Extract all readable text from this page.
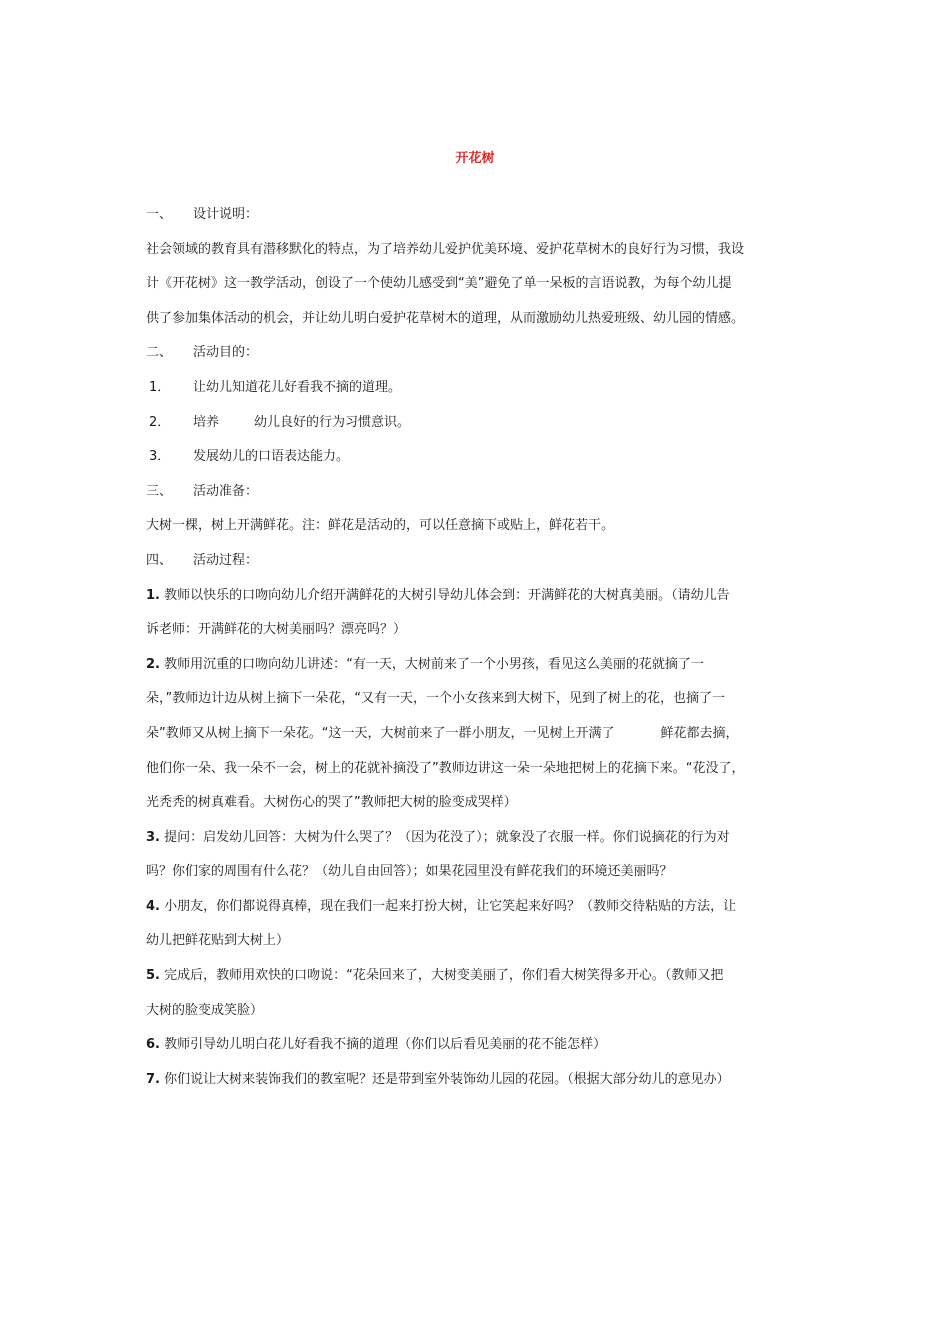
开花树
一、 设计说明：
社会领域的教育具有潜移默化的特点，为了培养幼儿爱护优美环境、爱护花草树木的良好行为习惯，我设
计《开花树》这一教学活动，创设了一个使幼儿感受到“美”避免了单一呆板的言语说教，为每个幼儿提
供了参加集体活动的机会，并让幼儿明白爱护花草树木的道理，从而激励幼儿热爱班级、幼儿园的情感。
二、 活动目的：
1． 让幼儿知道花儿好看我不摘的道理。
2． 培养	幼儿良好的行为习惯意识。
3． 发展幼儿的口语表达能力。
三、 活动准备：
大树一棵，树上开满鲜花。注：鲜花是活动的，可以任意摘下或贴上，鲜花若干。
四、 活动过程：
1. 教师以快乐的口吻向幼儿介绍开满鲜花的大树引导幼儿体会到：开满鲜花的大树真美丽。（请幼儿告
诉老师：开满鲜花的大树美丽吗？漂亮吗？）
2. 教师用沉重的口吻向幼儿讲述：“有一天，大树前来了一个小男孩，看见这么美丽的花就摘了一
朵，”教师边计边从树上摘下一朵花，“又有一天，一个小女孩来到大树下，见到了树上的花，也摘了一
朵”教师又从树上摘下一朵花。“这一天，大树前来了一群小朋友，一见树上开满了	鲜花都去摘，
他们你一朵、我一朵不一会，树上的花就补摘没了”教师边讲这一朵一朵地把树上的花摘下来。“花没了，
光秃秃的树真难看。大树伤心的哭了”教师把大树的脸变成哭样）
3. 提问：启发幼儿回答：大树为什么哭了？（因为花没了）；就象没了衣服一样。你们说摘花的行为对
吗？你们家的周围有什么花？（幼儿自由回答）；如果花园里没有鲜花我们的环境还美丽吗？
4. 小朋友，你们都说得真棒，现在我们一起来打扮大树，让它笑起来好吗？（教师交待粘贴的方法，让
幼儿把鲜花贴到大树上）
5. 完成后，教师用欢快的口吻说：“花朵回来了，大树变美丽了，你们看大树笑得多开心。（教师又把
大树的脸变成笑脸）
6. 教师引导幼儿明白花儿好看我不摘的道理（你们以后看见美丽的花不能怎样）
7. 你们说让大树来装饰我们的教室呢？还是带到室外装饰幼儿园的花园。（根据大部分幼儿的意见办）
